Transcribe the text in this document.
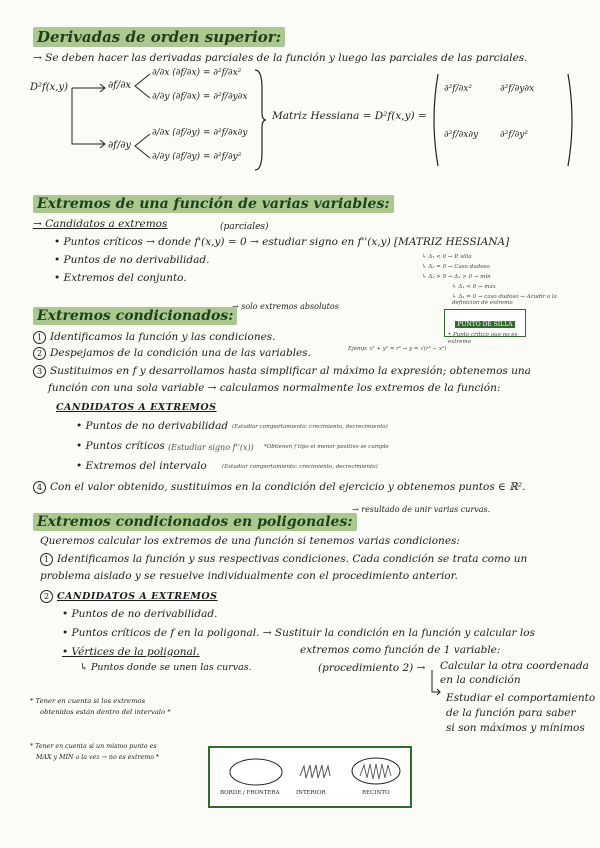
Derivadas de orden superior:
→ Se deben hacer las derivadas parciales de la función y luego las parciales de las parciales.
D²f(x,y)	∂f/∂x
∂f/∂y
∂/∂x (∂f/∂x) = ∂²f/∂x²
∂/∂y (∂f/∂x) = ∂²f/∂y∂x
∂/∂x (∂f/∂y) = ∂²f/∂x∂y
∂/∂y (∂f/∂y) = ∂²f/∂y²
Matriz Hessiana = D²f(x,y) =
∂²f/∂x²	∂²f/∂y∂x
∂²f/∂x∂y ∂²f/∂y²
Extremos de una función de varias variables:
→ Candidatos a extremos	(parciales)
• Puntos críticos → donde f'(x,y) = 0 → estudiar signo en f''(x,y) [MATRIZ HESSIANA]
• Puntos de no derivabilidad.
• Extremos del conjunto.
↳ Δ₁ < 0 → P. silla
↳ Δ₂ = 0 → Caso dudoso
↳ Δ₂ > 0 → Δ₁ > 0 → mín
↳ Δ₁ < 0 → máx
↳ Δ₁ = 0 → caso dudoso → Acudir a la definición de extremo
Extremos condicionados:
→ solo extremos absolutos
PUNTO DE SILLA
• Punto crítico que no es extremo
1 Identificamos la función y las condiciones.
2 Despejamos de la condición una de las variables.	Ejemp: x² + y² = r² → y = √(r² − x²)
3 Sustituimos en f y desarrollamos hasta simplificar al máximo la expresión; obtenemos una
función con una sola variable → calculamos normalmente los extremos de la función:
CANDIDATOS A EXTREMOS
• Puntos de no derivabilidad (Estudiar comportamiento: crecimiento, decrecimiento)
• Puntos críticos (Estudiar signo f''(x)) *Obtienen f tipo el menor positivo se cumple
• Extremos del intervalo	(Estudiar comportamiento: crecimiento, decrecimiento)
4 Con el valor obtenido, sustituimos en la condición del ejercicio y obtenemos puntos ∈ ℝ².
Extremos condicionados en poligonales:
→ resultado de unir varias curvas.
Queremos calcular los extremos de una función si tenemos varias condiciones:
1 Identificamos la función y sus respectivas condiciones. Cada condición se trata como un
problema aislado y se resuelve individualmente con el procedimiento anterior.
2 CANDIDATOS A EXTREMOS
• Puntos de no derivabilidad.
• Puntos críticos de f en la poligonal. → Sustituir la condición en la función y calcular los
extremos como función de 1 variable:
• Vértices de la poligonal.
↳ Puntos donde se unen las curvas.	(procedimiento 2) → Calcular la otra coordenada
en la condición
Estudiar el comportamiento
de la función para saber
si son máximos y mínimos
* Tener en cuenta si los extremos
obtenidos están dentro del intervalo *
* Tener en cuenta si un mismo punto es
MAX y MIN a la vez → no es extremo *
BORDE / FRONTERA	INTERIOR	RECINTO
